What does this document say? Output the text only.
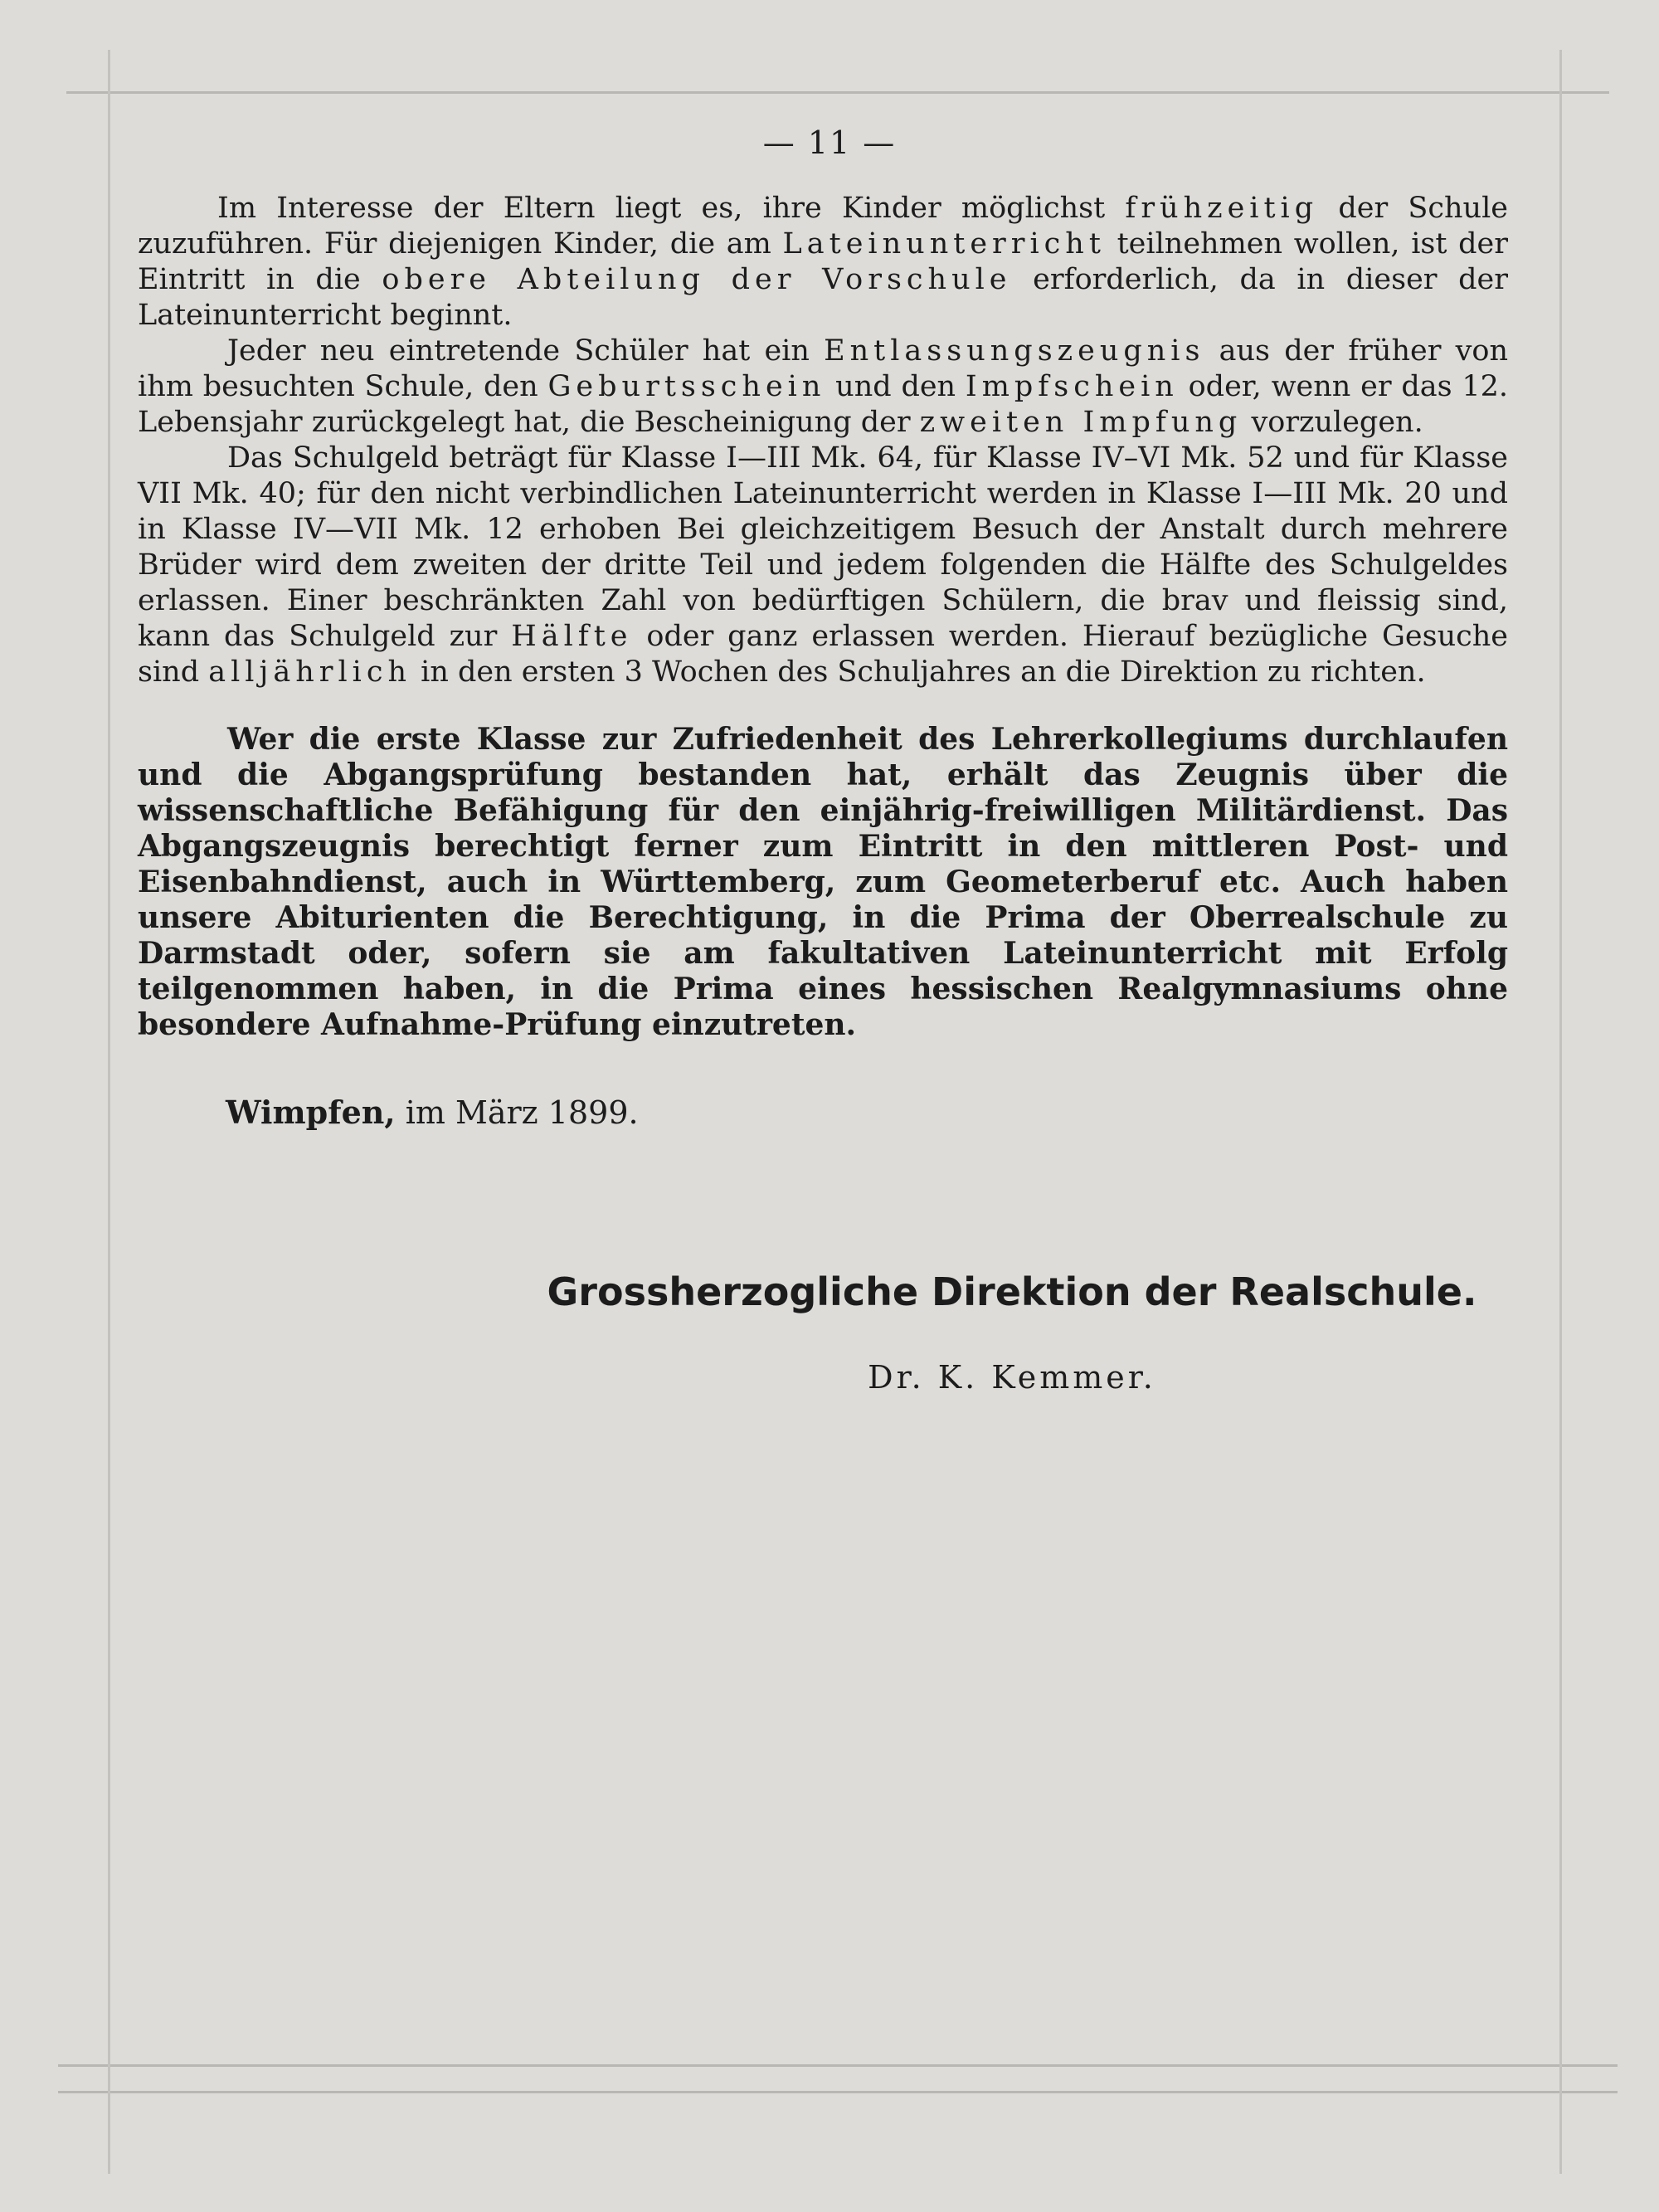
— 11 —

Im Interesse der Eltern liegt es, ihre Kinder möglichst frühzeitig der Schule zuzuführen. Für diejenigen Kinder, die am Lateinunterricht teilnehmen wollen, ist der Eintritt in die obere Abteilung der Vorschule erforderlich, da in dieser der Lateinunterricht beginnt.

Jeder neu eintretende Schüler hat ein Entlassungszeugnis aus der früher von ihm besuchten Schule, den Geburtsschein und den Impfschein oder, wenn er das 12. Lebensjahr zurückgelegt hat, die Bescheinigung der zweiten Impfung vorzulegen.

Das Schulgeld beträgt für Klasse I—III Mk. 64, für Klasse IV–VI Mk. 52 und für Klasse VII Mk. 40; für den nicht verbindlichen Lateinunterricht werden in Klasse I—III Mk. 20 und in Klasse IV—VII Mk. 12 erhoben Bei gleichzeitigem Besuch der Anstalt durch mehrere Brüder wird dem zweiten der dritte Teil und jedem folgenden die Hälfte des Schulgeldes erlassen. Einer beschränkten Zahl von bedürftigen Schülern, die brav und fleissig sind, kann das Schulgeld zur Hälfte oder ganz erlassen werden. Hierauf bezügliche Gesuche sind alljährlich in den ersten 3 Wochen des Schuljahres an die Direktion zu richten.

Wer die erste Klasse zur Zufriedenheit des Lehrerkollegiums durchlaufen und die Abgangsprüfung bestanden hat, erhält das Zeugnis über die wissenschaftliche Befähigung für den einjährig-freiwilligen Militärdienst. Das Abgangszeugnis berechtigt ferner zum Eintritt in den mittleren Post- und Eisenbahndienst, auch in Württemberg, zum Geometerberuf etc. Auch haben unsere Abiturienten die Berechtigung, in die Prima der Oberrealschule zu Darmstadt oder, sofern sie am fakultativen Lateinunterricht mit Erfolg teilgenommen haben, in die Prima eines hessischen Realgymnasiums ohne besondere Aufnahme-Prüfung einzutreten.

Wimpfen, im März 1899.
Grossherzogliche Direktion der Realschule.
Dr. K. Kemmer.
